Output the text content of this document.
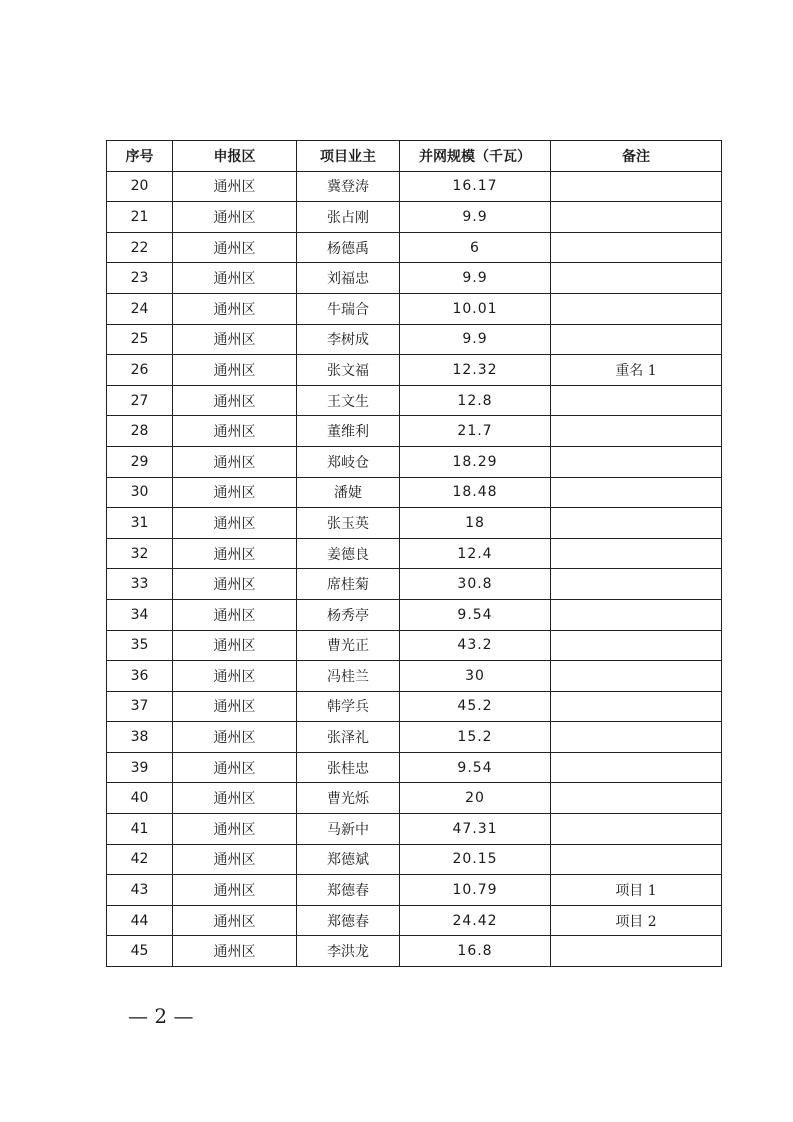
序号	申报区	项目业主	并网规模（千瓦）	备注
20	通州区	冀登涛	16.17	
21	通州区	张占刚	9.9	
22	通州区	杨德禹	6	
23	通州区	刘福忠	9.9	
24	通州区	牛瑞合	10.01	
25	通州区	李树成	9.9	
26	通州区	张文福	12.32	重名 1
27	通州区	王文生	12.8	
28	通州区	董维利	21.7	
29	通州区	郑岐仓	18.29	
30	通州区	潘婕	18.48	
31	通州区	张玉英	18	
32	通州区	姜德良	12.4	
33	通州区	席桂菊	30.8	
34	通州区	杨秀亭	9.54	
35	通州区	曹光正	43.2	
36	通州区	冯桂兰	30	
37	通州区	韩学兵	45.2	
38	通州区	张泽礼	15.2	
39	通州区	张桂忠	9.54	
40	通州区	曹光烁	20	
41	通州区	马新中	47.31	
42	通州区	郑德斌	20.15	
43	通州区	郑德春	10.79	项目 1
44	通州区	郑德春	24.42	项目 2
45	通州区	李洪龙	16.8	
— 2 —
